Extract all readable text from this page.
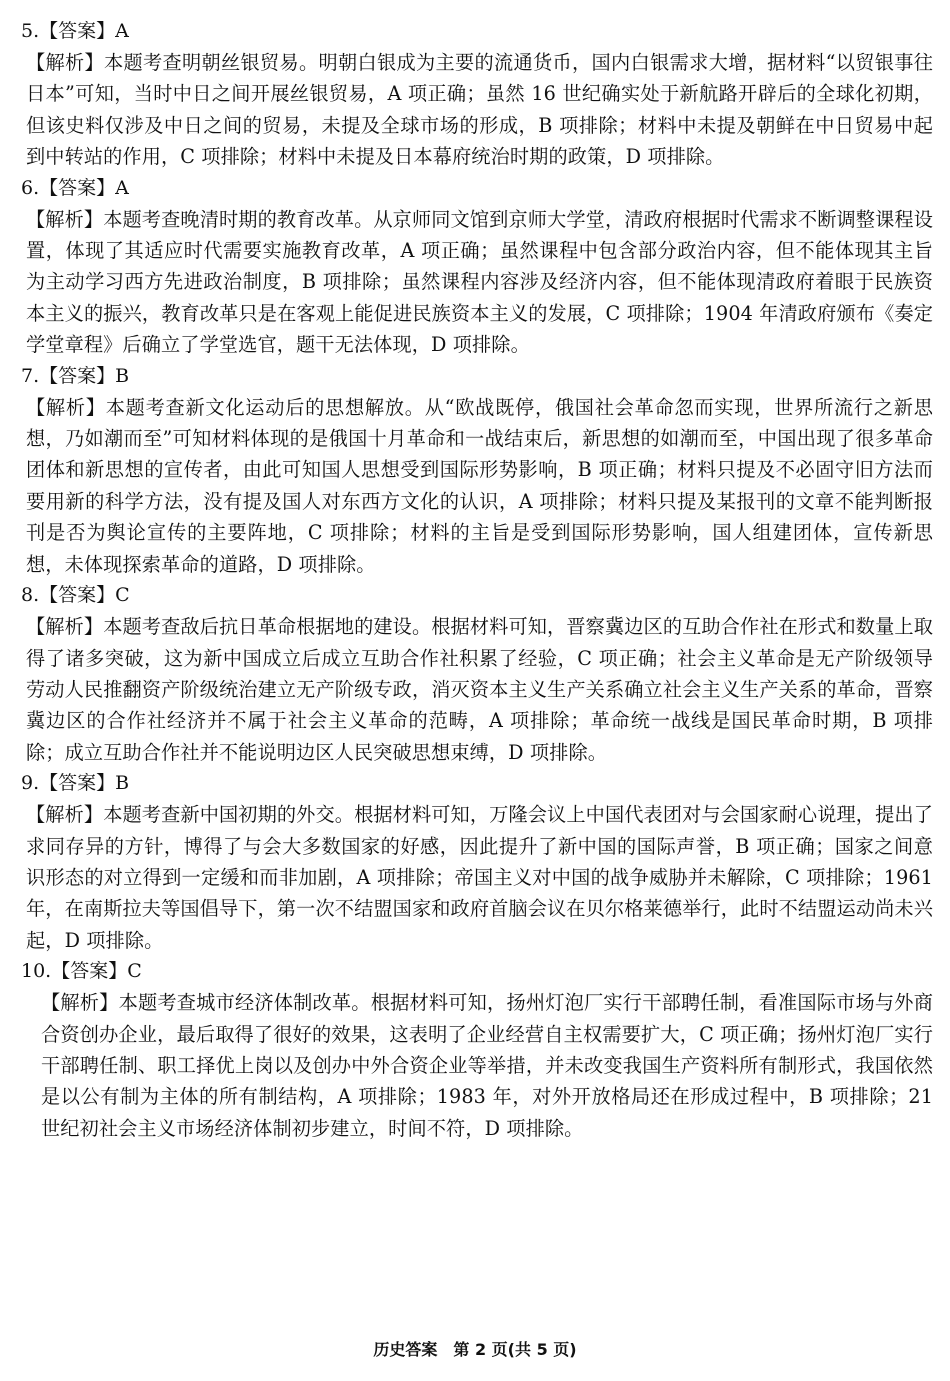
5.【答案】A

【解析】本题考查明朝丝银贸易。明朝白银成为主要的流通货币，国内白银需求大增，据材料“以贸银事往日本”可知，当时中日之间开展丝银贸易，A 项正确；虽然 16 世纪确实处于新航路开辟后的全球化初期，但该史料仅涉及中日之间的贸易，未提及全球市场的形成，B 项排除；材料中未提及朝鲜在中日贸易中起到中转站的作用，C 项排除；材料中未提及日本幕府统治时期的政策，D 项排除。

6.【答案】A

【解析】本题考查晚清时期的教育改革。从京师同文馆到京师大学堂，清政府根据时代需求不断调整课程设置，体现了其适应时代需要实施教育改革，A 项正确；虽然课程中包含部分政治内容，但不能体现其主旨为主动学习西方先进政治制度，B 项排除；虽然课程内容涉及经济内容，但不能体现清政府着眼于民族资本主义的振兴，教育改革只是在客观上能促进民族资本主义的发展，C 项排除；1904 年清政府颁布《奏定学堂章程》后确立了学堂选官，题干无法体现，D 项排除。

7.【答案】B

【解析】本题考查新文化运动后的思想解放。从“欧战既停，俄国社会革命忽而实现，世界所流行之新思想，乃如潮而至”可知材料体现的是俄国十月革命和一战结束后，新思想的如潮而至，中国出现了很多革命团体和新思想的宣传者，由此可知国人思想受到国际形势影响，B 项正确；材料只提及不必固守旧方法而要用新的科学方法，没有提及国人对东西方文化的认识，A 项排除；材料只提及某报刊的文章不能判断报刊是否为舆论宣传的主要阵地，C 项排除；材料的主旨是受到国际形势影响，国人组建团体，宣传新思想，未体现探索革命的道路，D 项排除。

8.【答案】C

【解析】本题考查敌后抗日革命根据地的建设。根据材料可知，晋察冀边区的互助合作社在形式和数量上取得了诸多突破，这为新中国成立后成立互助合作社积累了经验，C 项正确；社会主义革命是无产阶级领导劳动人民推翻资产阶级统治建立无产阶级专政，消灭资本主义生产关系确立社会主义生产关系的革命，晋察冀边区的合作社经济并不属于社会主义革命的范畴，A 项排除；革命统一战线是国民革命时期，B 项排除；成立互助合作社并不能说明边区人民突破思想束缚，D 项排除。

9.【答案】B

【解析】本题考查新中国初期的外交。根据材料可知，万隆会议上中国代表团对与会国家耐心说理，提出了求同存异的方针，博得了与会大多数国家的好感，因此提升了新中国的国际声誉，B 项正确；国家之间意识形态的对立得到一定缓和而非加剧，A 项排除；帝国主义对中国的战争威胁并未解除，C 项排除；1961 年，在南斯拉夫等国倡导下，第一次不结盟国家和政府首脑会议在贝尔格莱德举行，此时不结盟运动尚未兴起，D 项排除。

10.【答案】C

【解析】本题考查城市经济体制改革。根据材料可知，扬州灯泡厂实行干部聘任制，看准国际市场与外商合资创办企业，最后取得了很好的效果，这表明了企业经营自主权需要扩大，C 项正确；扬州灯泡厂实行干部聘任制、职工择优上岗以及创办中外合资企业等举措，并未改变我国生产资料所有制形式，我国依然是以公有制为主体的所有制结构，A 项排除；1983 年，对外开放格局还在形成过程中，B 项排除；21 世纪初社会主义市场经济体制初步建立，时间不符，D 项排除。

历史答案　第 2 页(共 5 页)
